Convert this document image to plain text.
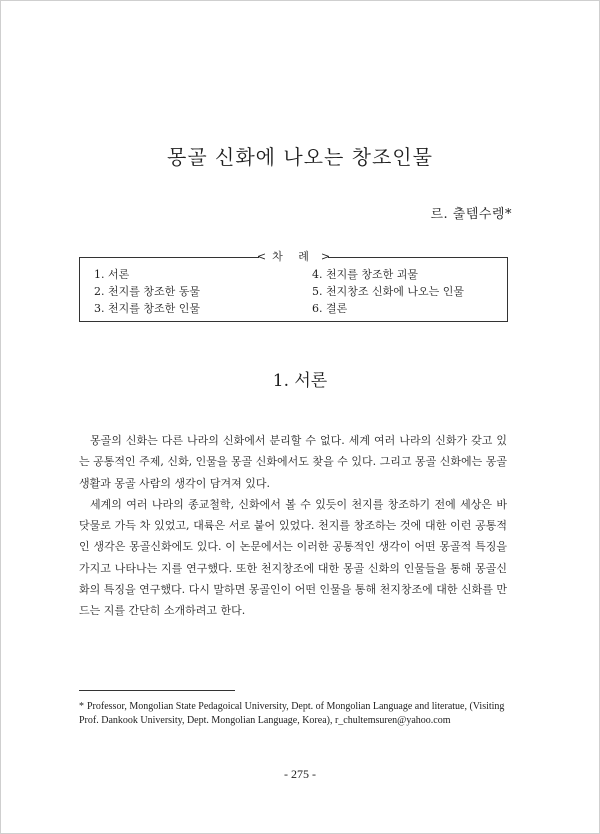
몽골 신화에 나오는 창조인물
르. 출템수렝*
< 차 례 >
1. 서론
2. 천지를 창조한 동물
3. 천지를 창조한 인물
4. 천지를 창조한 괴물
5. 천지창조 신화에 나오는 인물
6. 결론
1. 서론

몽골의 신화는 다른 나라의 신화에서 분리할 수 없다. 세계 여러 나라의 신화가 갖고 있는 공통적인 주제, 신화, 인물을 몽골 신화에서도 찾을 수 있다. 그리고 몽골 신화에는 몽골 생활과 몽골 사람의 생각이 담겨져 있다.

세계의 여러 나라의 종교철학, 신화에서 볼 수 있듯이 천지를 창조하기 전에 세상은 바닷물로 가득 차 있었고, 대륙은 서로 붙어 있었다. 천지를 창조하는 것에 대한 이런 공통적인 생각은 몽골신화에도 있다. 이 논문에서는 이러한 공통적인 생각이 어떤 몽골적 특징을 가지고 나타나는 지를 연구했다. 또한 천지창조에 대한 몽골 신화의 인물들을 통해 몽골신화의 특징을 연구했다. 다시 말하면 몽골인이 어떤 인물을 통해 천지창조에 대한 신화를 만드는 지를 간단히 소개하려고 한다.

* Professor, Mongolian State Pedagoical University, Dept. of Mongolian Language and literatue, (Visiting Prof. Dankook University, Dept. Mongolian Language, Korea), r_chultemsuren@yahoo.com
- 275 -
